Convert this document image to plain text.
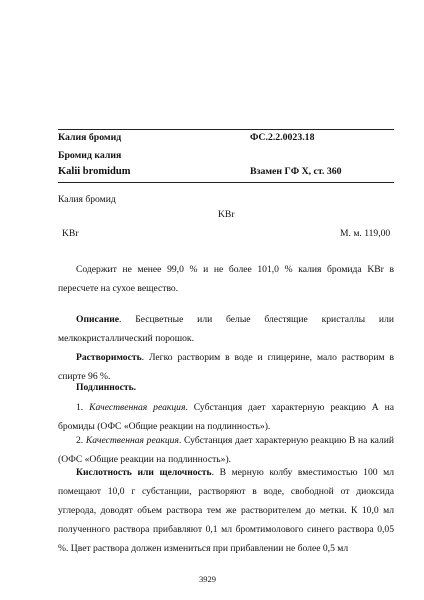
Калия бромид	ФС.2.2.0023.18
Бромид калия
Kalii bromidum	Взамен ГФ X, ст. 360
Калия бромид
KBr
KBr	М. м. 119,00
Содержит не менее 99,0 % и не более 101,0 % калия бромида KBr в пересчете на сухое вещество.
Описание. Бесцветные или белые блестящие кристаллы или мелкокристаллический порошок.
Растворимость. Легко растворим в воде и глицерине, мало растворим в спирте 96 %.
Подлинность.
1. Качественная реакция. Субстанция дает характерную реакцию А на бромиды (ОФС «Общие реакции на подлинность»).
2. Качественная реакция. Субстанция дает характерную реакцию B на калий (ОФС «Общие реакции на подлинность»).
Кислотность или щелочность. В мерную колбу вместимостью 100 мл помещают 10,0 г субстанции, растворяют в воде, свободной от диоксида углерода, доводят объем раствора тем же растворителем до метки. К 10,0 мл полученного раствора прибавляют 0,1 мл бромтимолового синего раствора 0,05 %. Цвет раствора должен измениться при прибавлении не более 0,5 мл
3929
